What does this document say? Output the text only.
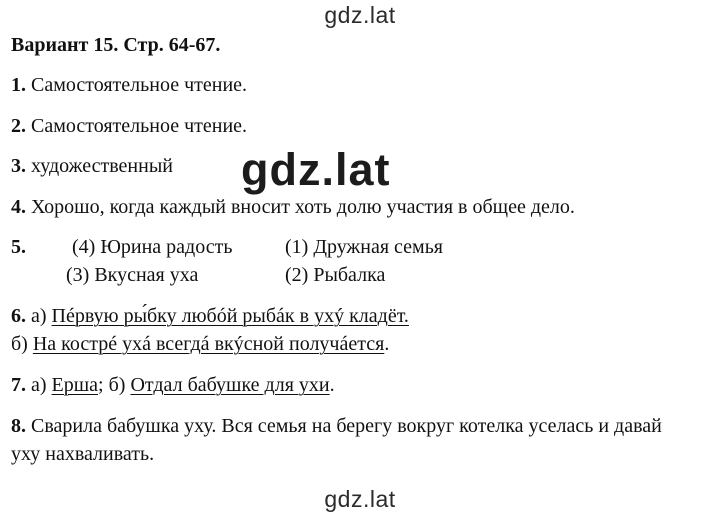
gdz.lat
Вариант 15. Стр. 64-67.
1. Самостоятельное чтение.
2. Самостоятельное чтение.
3. художественный gdz.lat
4. Хорошо, когда каждый вносит хоть долю участия в общее дело.
5. (4) Юрина радость	(1) Дружная семья
(3) Вкусная уха	(2) Рыбалка
6. а) Пéрвую ры́бку любóй рыбáк в ухý кладёт.
б) На кострé ухá всегдá вкýсной получáется.
7. а) Ерша; б) Отдал бабушке для ухи.
8. Сварила бабушка уху. Вся семья на берегу вокруг котелка уселась и давай
уху нахваливать.
gdz.lat
